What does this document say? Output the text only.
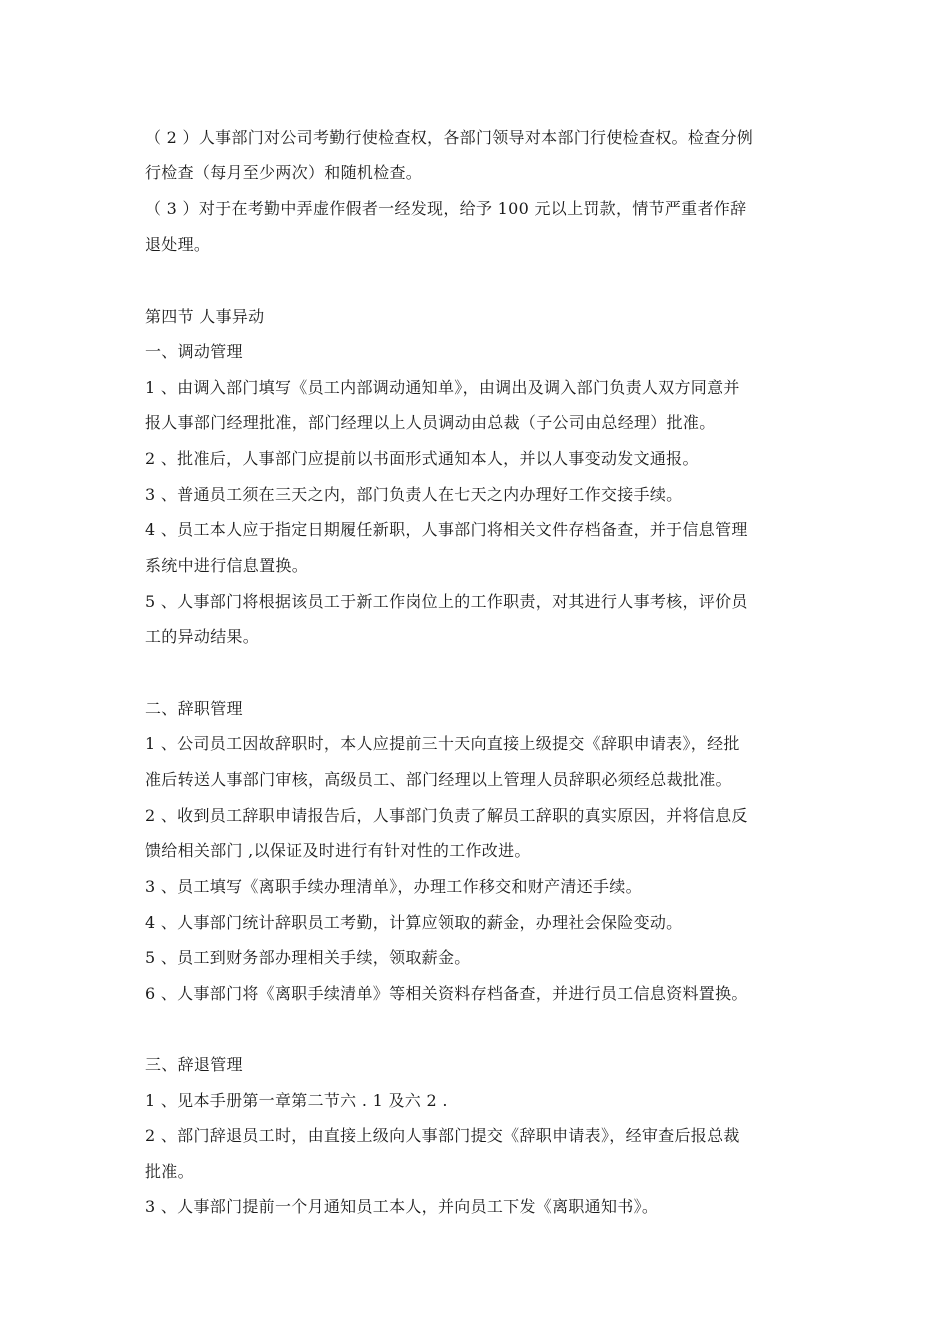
（ 2 ）人事部门对公司考勤行使检查权，各部门领导对本部门行使检查权。检查分例
行检查（每月至少两次）和随机检查。
（ 3 ）对于在考勤中弄虚作假者一经发现，给予 100 元以上罚款，情节严重者作辞
退处理。
第四节 人事异动
一、调动管理
1 、由调入部门填写《员工内部调动通知单》，由调出及调入部门负责人双方同意并
报人事部门经理批准，部门经理以上人员调动由总裁（子公司由总经理）批准。
2 、批准后，人事部门应提前以书面形式通知本人，并以人事变动发文通报。
3 、普通员工须在三天之内，部门负责人在七天之内办理好工作交接手续。
4 、员工本人应于指定日期履任新职，人事部门将相关文件存档备查，并于信息管理
系统中进行信息置换。
5 、人事部门将根据该员工于新工作岗位上的工作职责，对其进行人事考核，评价员
工的异动结果。
二、辞职管理
1 、公司员工因故辞职时，本人应提前三十天向直接上级提交《辞职申请表》，经批
准后转送人事部门审核，高级员工、部门经理以上管理人员辞职必须经总裁批准。
2 、收到员工辞职申请报告后，人事部门负责了解员工辞职的真实原因，并将信息反
馈给相关部门 ,以保证及时进行有针对性的工作改进。
3 、员工填写《离职手续办理清单》，办理工作移交和财产清还手续。
4 、人事部门统计辞职员工考勤，计算应领取的薪金，办理社会保险变动。
5 、员工到财务部办理相关手续，领取薪金。
6 、人事部门将《离职手续清单》等相关资料存档备查，并进行员工信息资料置换。
三、辞退管理
1 、见本手册第一章第二节六 . 1 及六 2 .
2 、部门辞退员工时，由直接上级向人事部门提交《辞职申请表》，经审查后报总裁
批准。
3 、人事部门提前一个月通知员工本人，并向员工下发《离职通知书》。
